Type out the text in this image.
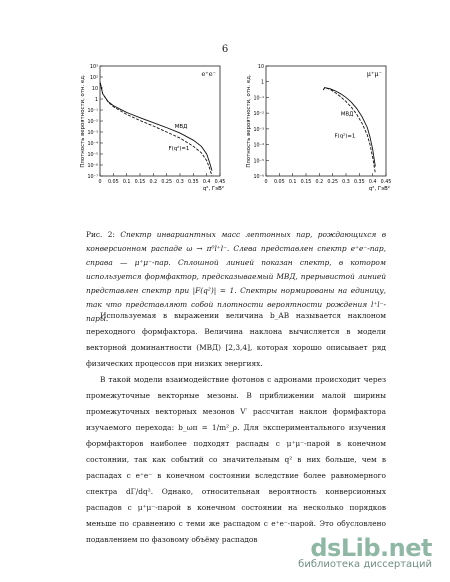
6
10³
10²
10
1
10⁻¹
10⁻²
10⁻³
10⁻⁴
10⁻⁵
10⁻⁶
10⁻⁷
0 0.05 0.1 0.15 0.2 0.25 0.3 0.35 0.4 0.45
e⁺e⁻
МВД
F(q²)=1
q², ГэВ²
Плотность вероятности, отн. ед.
10
1
10⁻¹
10⁻²
10⁻³
10⁻⁴
10⁻⁵
10⁻⁶
0 0.05 0.1 0.15 0.2 0.25 0.3 0.35 0.4 0.45
μ⁺μ⁻
МВД
F(q²)=1
q², ГэВ²
Плотность вероятности, отн. ед.
Рис. 2: Спектр инвариантных масс лептонных пар, рождающихся в конверсионном распаде ω → π⁰l⁺l⁻. Слева представлен спектр e⁺e⁻-пар, справа — μ⁺μ⁻-пар. Сплошной линией показан спектр, в котором используется формфактор, предсказываемый МВД, прерывистой линией представлен спектр при |F(q²)| = 1. Спектры нормированы на единицу, так что представляют собой плотности вероятности рождения l⁺l⁻-пары.

Используемая в выражении величина b_AB называется наклоном переходного формфактора. Величина наклона вычисляется в модели векторной доминантности (МВД) [2,3,4], которая хорошо описывает ряд физических процессов при низких энергиях.

В такой модели взаимодействие фотонов с адронами происходит через промежуточные векторные мезоны. В приближении малой ширины промежуточных векторных мезонов V′ рассчитан наклон формфактора изучаемого перехода: b_ωπ = 1/m²_ρ. Для экспериментального изучения формфакторов наиболее подходят распады с μ⁺μ⁻-парой в конечном состоянии, так как событий со значительным q² в них больше, чем в распадах с e⁺e⁻ в конечном состоянии вследствие более равномерного спектра dΓ/dq². Однако, относительная вероятность конверсионных распадов с μ⁺μ⁻-парой в конечном состоянии на несколько порядков меньше по сравнению с теми же распадом с e⁺e⁻-парой. Это обусловлено подавлением по фазовому объёму распадов	dsLib.net
библиотека диссертаций
